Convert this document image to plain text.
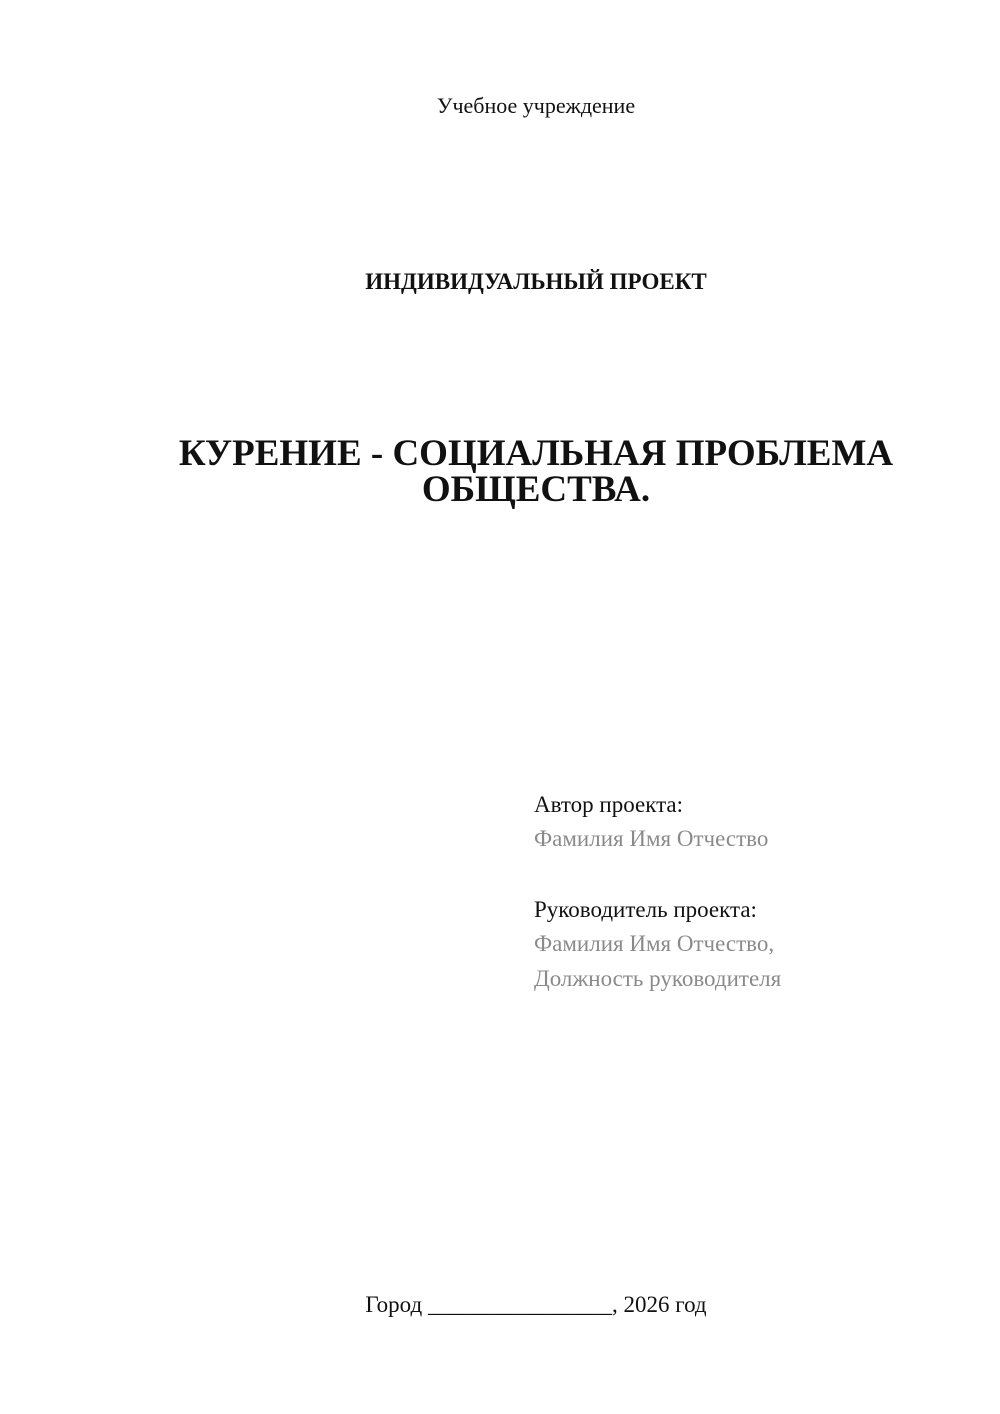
Учебное учреждение
ИНДИВИДУАЛЬНЫЙ ПРОЕКТ
КУРЕНИЕ - СОЦИАЛЬНАЯ ПРОБЛЕМА
ОБЩЕСТВА.
Автор проекта:
Фамилия Имя Отчество
Руководитель проекта:
Фамилия Имя Отчество,
Должность руководителя
Город ________________, 2026 год
